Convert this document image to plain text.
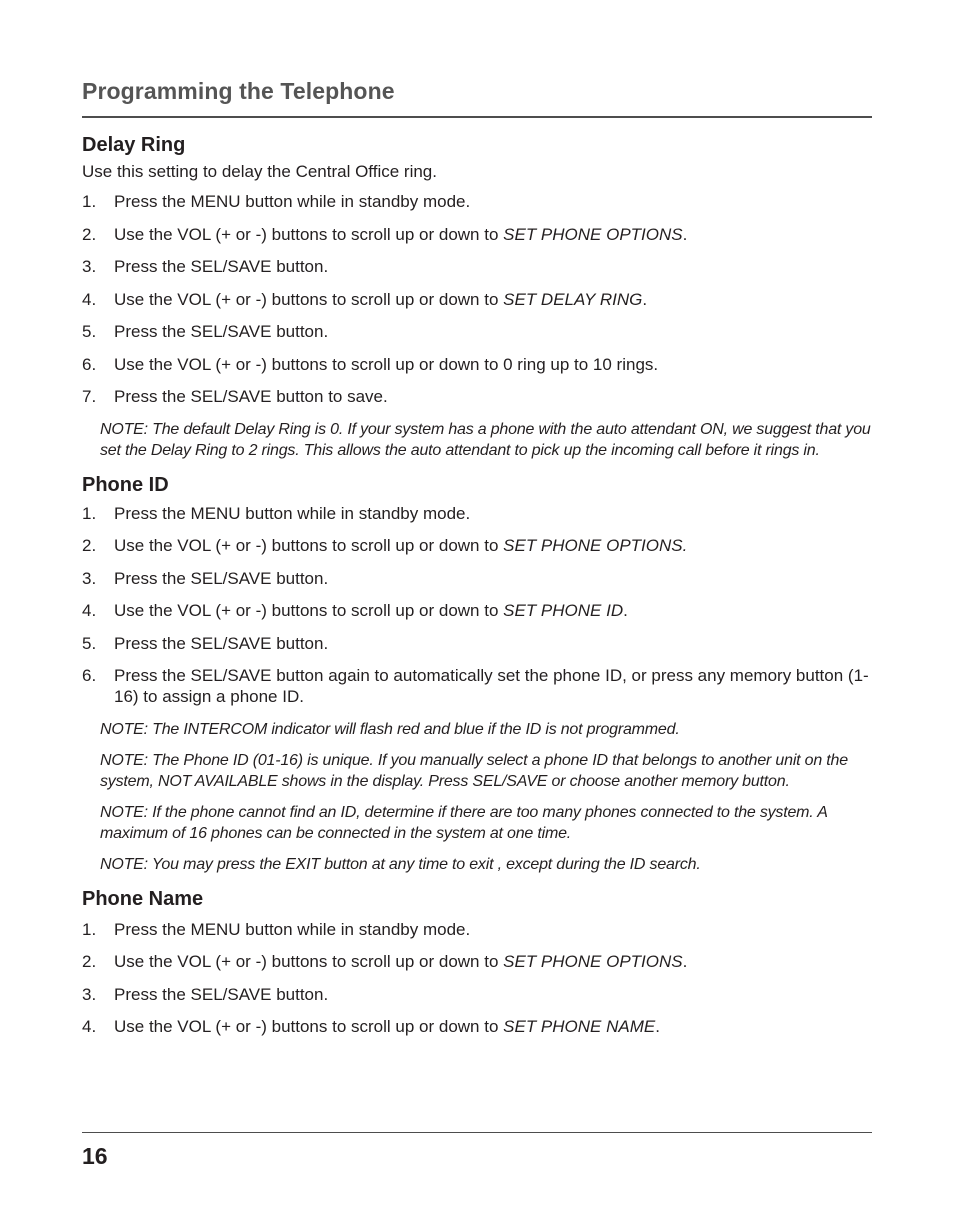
Programming the Telephone
Delay Ring

Use this setting to delay the Central Office ring.

1. Press the MENU button while in standby mode.
2. Use the VOL (+ or -) buttons to scroll up or down to SET PHONE OPTIONS.
3. Press the SEL/SAVE button.
4. Use the VOL (+ or -) buttons to scroll up or down to SET DELAY RING.
5. Press the SEL/SAVE button.
6. Use the VOL (+ or -) buttons to scroll up or down to 0 ring up to 10 rings.
7. Press the SEL/SAVE button to save.

NOTE: The default Delay Ring is 0. If your system has a phone with the auto attendant ON, we suggest that you set the Delay Ring to 2 rings. This allows the auto attendant to pick up the incoming call before it rings in.

Phone ID
1. Press the MENU button while in standby mode.
2. Use the VOL (+ or -) buttons to scroll up or down to SET PHONE OPTIONS.
3. Press the SEL/SAVE button.
4. Use the VOL (+ or -) buttons to scroll up or down to SET PHONE ID.
5. Press the SEL/SAVE button.
6. Press the SEL/SAVE button again to automatically set the phone ID, or press any memory button (1-16) to assign a phone ID.

NOTE: The INTERCOM indicator will flash red and blue if the ID is not programmed.

NOTE: The Phone ID (01-16) is unique. If you manually select a phone ID that belongs to another unit on the system, NOT AVAILABLE shows in the display. Press SEL/SAVE or choose another memory button.

NOTE: If the phone cannot find an ID, determine if there are too many phones connected to the system. A maximum of 16 phones can be connected in the system at one time.

NOTE: You may press the EXIT button at any time to exit , except during the ID search.

Phone Name
1. Press the MENU button while in standby mode.
2. Use the VOL (+ or -) buttons to scroll up or down to SET PHONE OPTIONS.
3. Press the SEL/SAVE button.
4. Use the VOL (+ or -) buttons to scroll up or down to SET PHONE NAME.
16
